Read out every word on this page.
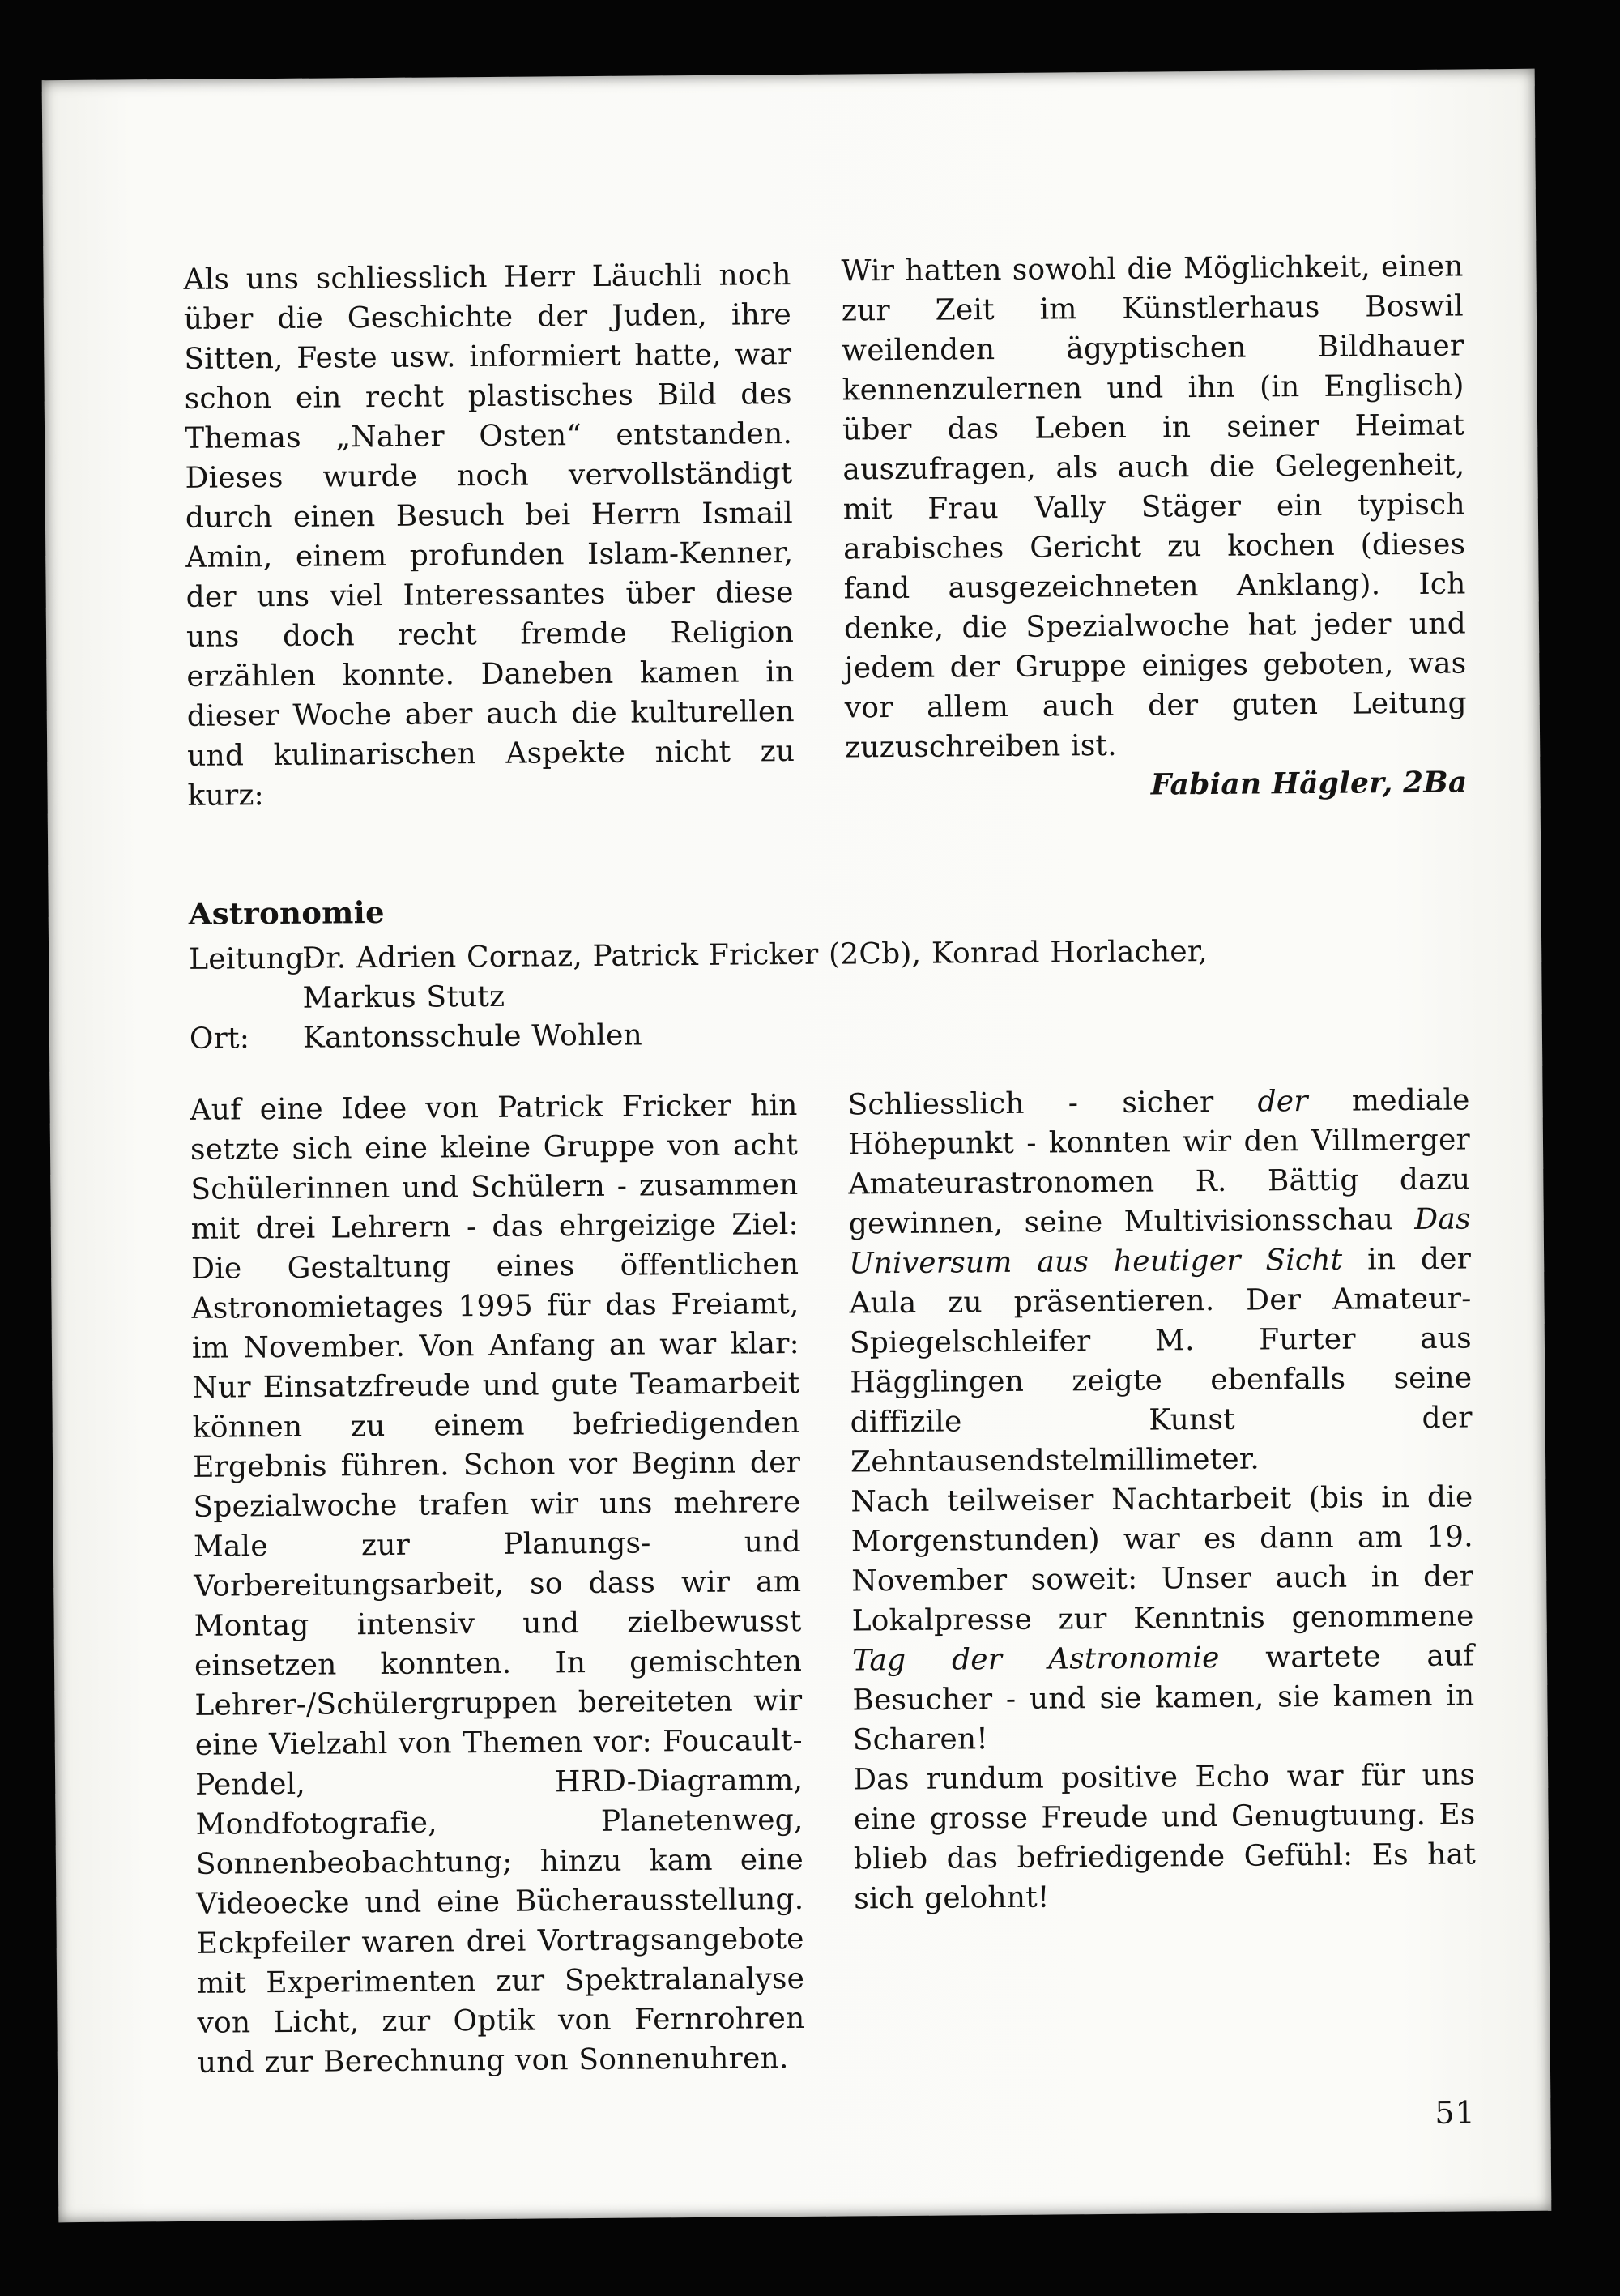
Als uns schliesslich Herr Läuchli noch über die Geschichte der Juden, ihre Sitten, Feste usw. informiert hatte, war schon ein recht plastisches Bild des Themas „Naher Osten“ entstanden. Dieses wurde noch vervollständigt durch einen Besuch bei Herrn Ismail Amin, einem profunden Islam-Kenner, der uns viel Interessantes über diese uns doch recht fremde Religion erzählen konnte. Daneben kamen in dieser Woche aber auch die kulturellen und kulinarischen Aspekte nicht zu kurz:

Wir hatten sowohl die Möglichkeit, einen zur Zeit im Künstlerhaus Boswil weilenden ägyptischen Bildhauer kennenzulernen und ihn (in Englisch) über das Leben in seiner Heimat auszufragen, als auch die Gelegenheit, mit Frau Vally Stäger ein typisch arabisches Gericht zu kochen (dieses fand ausgezeichneten Anklang). Ich denke, die Spezialwoche hat jeder und jedem der Gruppe einiges geboten, was vor allem auch der guten Leitung zuzuschreiben ist.

Fabian Hägler, 2Ba

Astronomie

Leitung:
Dr. Adrien Cornaz, Patrick Fricker (2Cb), Konrad Horlacher,
Markus Stutz
Ort:	Kantonsschule Wohlen

Auf eine Idee von Patrick Fricker hin setzte sich eine kleine Gruppe von acht Schülerinnen und Schülern - zusammen mit drei Lehrern - das ehrgeizige Ziel: Die Gestaltung eines öffentlichen Astronomietages 1995 für das Freiamt, im November. Von Anfang an war klar: Nur Einsatzfreude und gute Teamarbeit können zu einem befriedigenden Ergebnis führen. Schon vor Beginn der Spezialwoche trafen wir uns mehrere Male zur Planungs- und Vorbereitungsarbeit, so dass wir am Montag intensiv und zielbewusst einsetzen konnten. In gemischten Lehrer-/Schülergruppen bereiteten wir eine Vielzahl von Themen vor: Foucault-Pendel, HRD-Diagramm, Mondfotografie, Planetenweg, Sonnenbeobachtung; hinzu kam eine Videoecke und eine Bücherausstellung. Eckpfeiler waren drei Vortragsangebote mit Experimenten zur Spektralanalyse von Licht, zur Optik von Fernrohren und zur Berechnung von Sonnenuhren.

Schliesslich - sicher der mediale Höhepunkt - konnten wir den Villmerger Amateurastronomen R. Bättig dazu gewinnen, seine Multivisionsschau Das Universum aus heutiger Sicht in der Aula zu präsentieren. Der Amateur-Spiegelschleifer M. Furter aus Hägglingen zeigte ebenfalls seine diffizile Kunst der Zehntausendstelmillimeter.

Nach teilweiser Nachtarbeit (bis in die Morgenstunden) war es dann am 19. November soweit: Unser auch in der Lokalpresse zur Kenntnis genommene Tag der Astronomie wartete auf Besucher - und sie kamen, sie kamen in Scharen!

Das rundum positive Echo war für uns eine grosse Freude und Genugtuung. Es blieb das befriedigende Gefühl: Es hat sich gelohnt!

51
